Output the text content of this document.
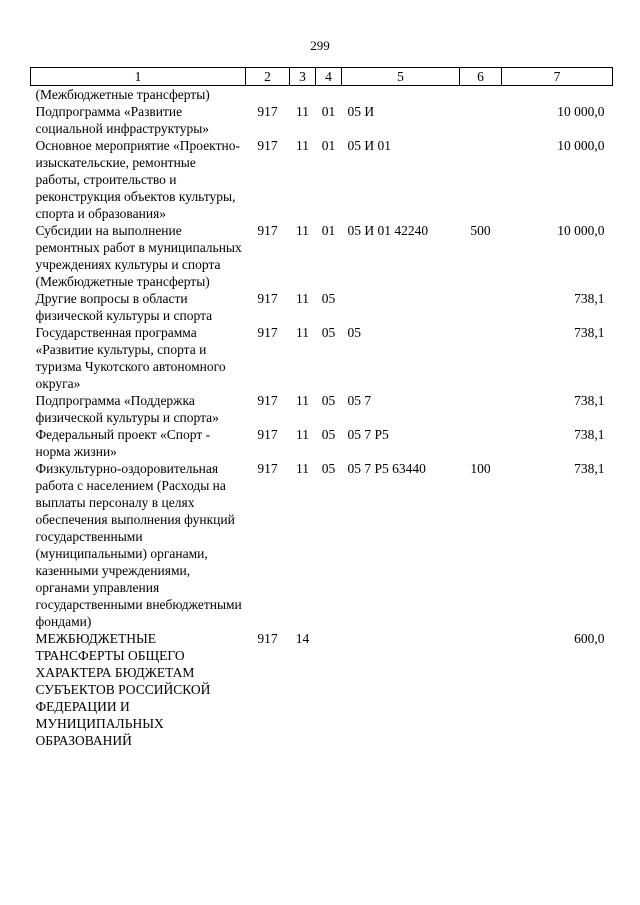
299
1	2	3	4	5	6	7
(Межбюджетные трансферты)						
Подпрограмма «Развитие социальной инфраструктуры»	917	11	01	05 И		10 000,0
Основное мероприятие «Проектно-изыскательские, ремонтные работы, строительство и реконструкция объектов культуры, спорта и образования»	917	11	01	05 И 01		10 000,0
Субсидии на выполнение ремонтных работ в муниципальных учреждениях культуры и спорта (Межбюджетные трансферты)	917	11	01	05 И 01 42240	500	10 000,0
Другие вопросы в области физической культуры и спорта	917	11	05			738,1
Государственная программа «Развитие культуры, спорта и туризма Чукотского автономного округа»	917	11	05	05		738,1
Подпрограмма «Поддержка физической культуры и спорта»	917	11	05	05 7		738,1
Федеральный проект «Спорт - норма жизни»	917	11	05	05 7 Р5		738,1
Физкультурно-оздоровительная работа с населением (Расходы на выплаты персоналу в целях обеспечения выполнения функций государственными (муниципальными) органами, казенными учреждениями, органами управления государственными внебюджетными фондами)	917	11	05	05 7 Р5 63440	100	738,1
МЕЖБЮДЖЕТНЫЕ ТРАНСФЕРТЫ ОБЩЕГО ХАРАКТЕРА БЮДЖЕТАМ СУБЪЕКТОВ РОССИЙСКОЙ ФЕДЕРАЦИИ И МУНИЦИПАЛЬНЫХ ОБРАЗОВАНИЙ	917	14				600,0
